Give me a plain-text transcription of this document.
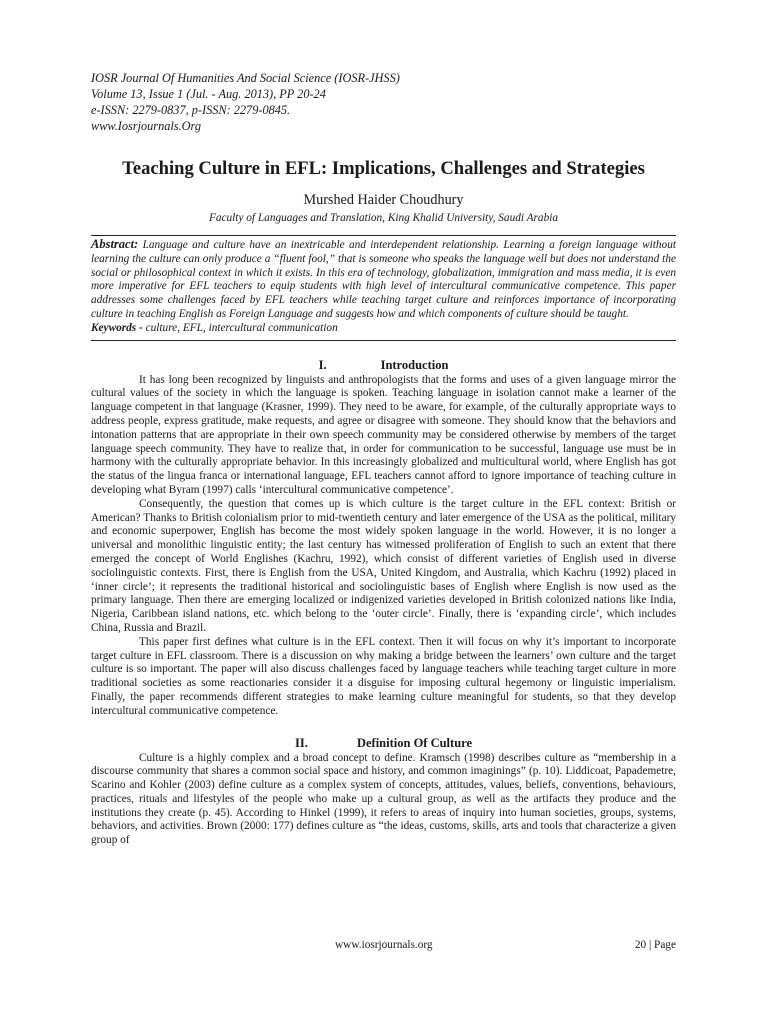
IOSR Journal Of Humanities And Social Science (IOSR-JHSS)
Volume 13, Issue 1 (Jul. - Aug. 2013), PP 20-24
e-ISSN: 2279-0837, p-ISSN: 2279-0845.
www.Iosrjournals.Org
Teaching Culture in EFL: Implications, Challenges and Strategies
Murshed Haider Choudhury
Faculty of Languages and Translation, King Khalid University, Saudi Arabia
Abstract: Language and culture have an inextricable and interdependent relationship. Learning a foreign language without learning the culture can only produce a “fluent fool,” that is someone who speaks the language well but does not understand the social or philosophical context in which it exists. In this era of technology, globalization, immigration and mass media, it is even more imperative for EFL teachers to equip students with high level of intercultural communicative competence. This paper addresses some challenges faced by EFL teachers while teaching target culture and reinforces importance of incorporating culture in teaching English as Foreign Language and suggests how and which components of culture should be taught.
Keywords - culture, EFL, intercultural communication
I.	Introduction

It has long been recognized by linguists and anthropologists that the forms and uses of a given language mirror the cultural values of the society in which the language is spoken. Teaching language in isolation cannot make a learner of the language competent in that language (Krasner, 1999). They need to be aware, for example, of the culturally appropriate ways to address people, express gratitude, make requests, and agree or disagree with someone. They should know that the behaviors and intonation patterns that are appropriate in their own speech community may be considered otherwise by members of the target language speech community. They have to realize that, in order for communication to be successful, language use must be in harmony with the culturally appropriate behavior. In this increasingly globalized and multicultural world, where English has got the status of the lingua franca or international language, EFL teachers cannot afford to ignore importance of teaching culture in developing what Byram (1997) calls ‘intercultural communicative competence’.

Consequently, the question that comes up is which culture is the target culture in the EFL context: British or American? Thanks to British colonialism prior to mid-twentieth century and later emergence of the USA as the political, military and economic superpower, English has become the most widely spoken language in the world. However, it is no longer a universal and monolithic linguistic entity; the last century has witnessed proliferation of English to such an extent that there emerged the concept of World Englishes (Kachru, 1992), which consist of different varieties of English used in diverse sociolinguistic contexts. First, there is English from the USA, United Kingdom, and Australia, which Kachru (1992) placed in ‘inner circle’; it represents the traditional historical and sociolinguistic bases of English where English is now used as the primary language. Then there are emerging localized or indigenized varieties developed in British colonized nations like India, Nigeria, Caribbean island nations, etc. which belong to the ‘outer circle’. Finally, there is ‘expanding circle’, which includes China, Russia and Brazil.

This paper first defines what culture is in the EFL context. Then it will focus on why it’s important to incorporate target culture in EFL classroom. There is a discussion on why making a bridge between the learners’ own culture and the target culture is so important. The paper will also discuss challenges faced by language teachers while teaching target culture in more traditional societies as some reactionaries consider it a disguise for imposing cultural hegemony or linguistic imperialism. Finally, the paper recommends different strategies to make learning culture meaningful for students, so that they develop intercultural communicative competence.

II.	Definition Of Culture

Culture is a highly complex and a broad concept to define. Kramsch (1998) describes culture as “membership in a discourse community that shares a common social space and history, and common imaginings” (p. 10). Liddicoat, Papademetre, Scarino and Kohler (2003) define culture as a complex system of concepts, attitudes, values, beliefs, conventions, behaviours, practices, rituals and lifestyles of the people who make up a cultural group, as well as the artifacts they produce and the institutions they create (p. 45). According to Hinkel (1999), it refers to areas of inquiry into human societies, groups, systems, behaviors, and activities. Brown (2000: 177) defines culture as “the ideas, customs, skills, arts and tools that characterize a given group of

www.iosrjournals.org	20 | Page
